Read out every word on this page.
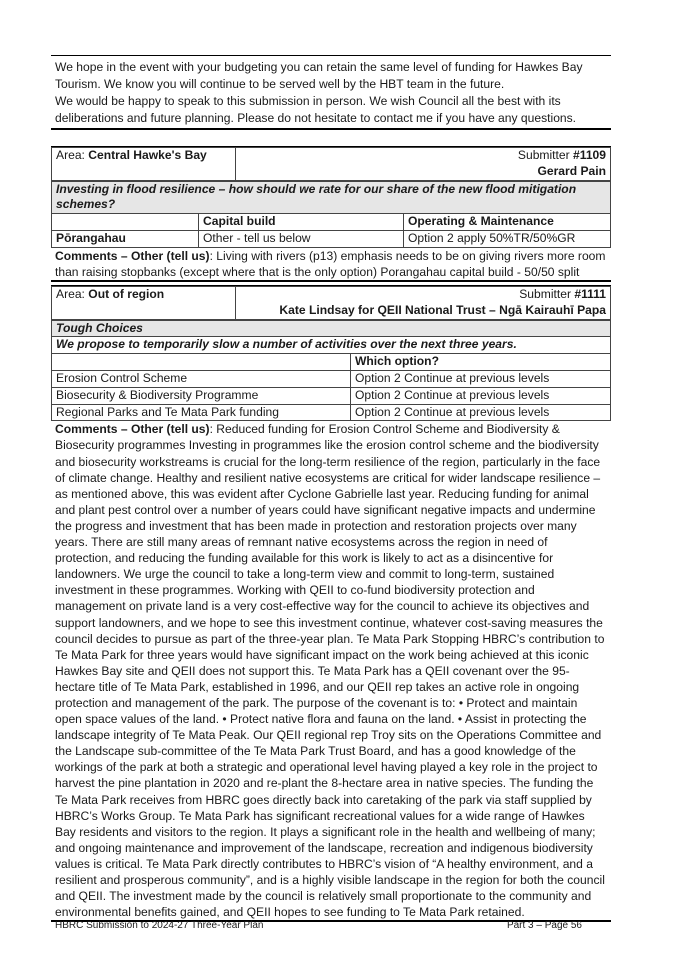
We hope in the event with your budgeting you can retain the same level of funding for Hawkes Bay Tourism. We know you will continue to be served well by the HBT team in the future.

We would be happy to speak to this submission in person. We wish Council all the best with its deliberations and future planning. Please do not hesitate to contact me if you have any questions.

Area: Central Hawke's Bay	Submitter #1109
Gerard Pain
Investing in flood resilience – how should we rate for our share of the new flood mitigation schemes?		
	Capital build	Operating & Maintenance
Pōrangahau	Other - tell us below	Option 2 apply 50%TR/50%GR
Comments – Other (tell us): Living with rivers (p13) emphasis needs to be on giving rivers more room than raising stopbanks (except where that is the only option) Porangahau capital build - 50/50 split
Area: Out of region	Submitter #1111
Kate Lindsay for QEII National Trust – Ngā Kairauhī Papa
Tough Choices	
We propose to temporarily slow a number of activities over the next three years.	
	Which option?
Erosion Control Scheme	Option 2 Continue at previous levels
Biosecurity & Biodiversity Programme	Option 2 Continue at previous levels
Regional Parks and Te Mata Park funding	Option 2 Continue at previous levels
Comments – Other (tell us): Reduced funding for Erosion Control Scheme and Biodiversity & Biosecurity programmes Investing in programmes like the erosion control scheme and the biodiversity and biosecurity workstreams is crucial for the long-term resilience of the region, particularly in the face of climate change. Healthy and resilient native ecosystems are critical for wider landscape resilience – as mentioned above, this was evident after Cyclone Gabrielle last year. Reducing funding for animal and plant pest control over a number of years could have significant negative impacts and undermine the progress and investment that has been made in protection and restoration projects over many years. There are still many areas of remnant native ecosystems across the region in need of protection, and reducing the funding available for this work is likely to act as a disincentive for landowners. We urge the council to take a long-term view and commit to long-term, sustained investment in these programmes. Working with QEII to co-fund biodiversity protection and management on private land is a very cost-effective way for the council to achieve its objectives and support landowners, and we hope to see this investment continue, whatever cost-saving measures the council decides to pursue as part of the three-year plan. Te Mata Park Stopping HBRC’s contribution to Te Mata Park for three years would have significant impact on the work being achieved at this iconic Hawkes Bay site and QEII does not support this. Te Mata Park has a QEII covenant over the 95-hectare title of Te Mata Park, established in 1996, and our QEII rep takes an active role in ongoing protection and management of the park. The purpose of the covenant is to: • Protect and maintain open space values of the land. • Protect native flora and fauna on the land. • Assist in protecting the landscape integrity of Te Mata Peak. Our QEII regional rep Troy sits on the Operations Committee and the Landscape sub-committee of the Te Mata Park Trust Board, and has a good knowledge of the workings of the park at both a strategic and operational level having played a key role in the project to harvest the pine plantation in 2020 and re-plant the 8-hectare area in native species. The funding the Te Mata Park receives from HBRC goes directly back into caretaking of the park via staff supplied by HBRC’s Works Group. Te Mata Park has significant recreational values for a wide range of Hawkes Bay residents and visitors to the region. It plays a significant role in the health and wellbeing of many; and ongoing maintenance and improvement of the landscape, recreation and indigenous biodiversity values is critical. Te Mata Park directly contributes to HBRC’s vision of “A healthy environment, and a resilient and prosperous community”, and is a highly visible landscape in the region for both the council and QEII. The investment made by the council is relatively small proportionate to the community and environmental benefits gained, and QEII hopes to see funding to Te Mata Park retained.
HBRC Submission to 2024-27 Three-Year Plan	Part 3 – Page 56
